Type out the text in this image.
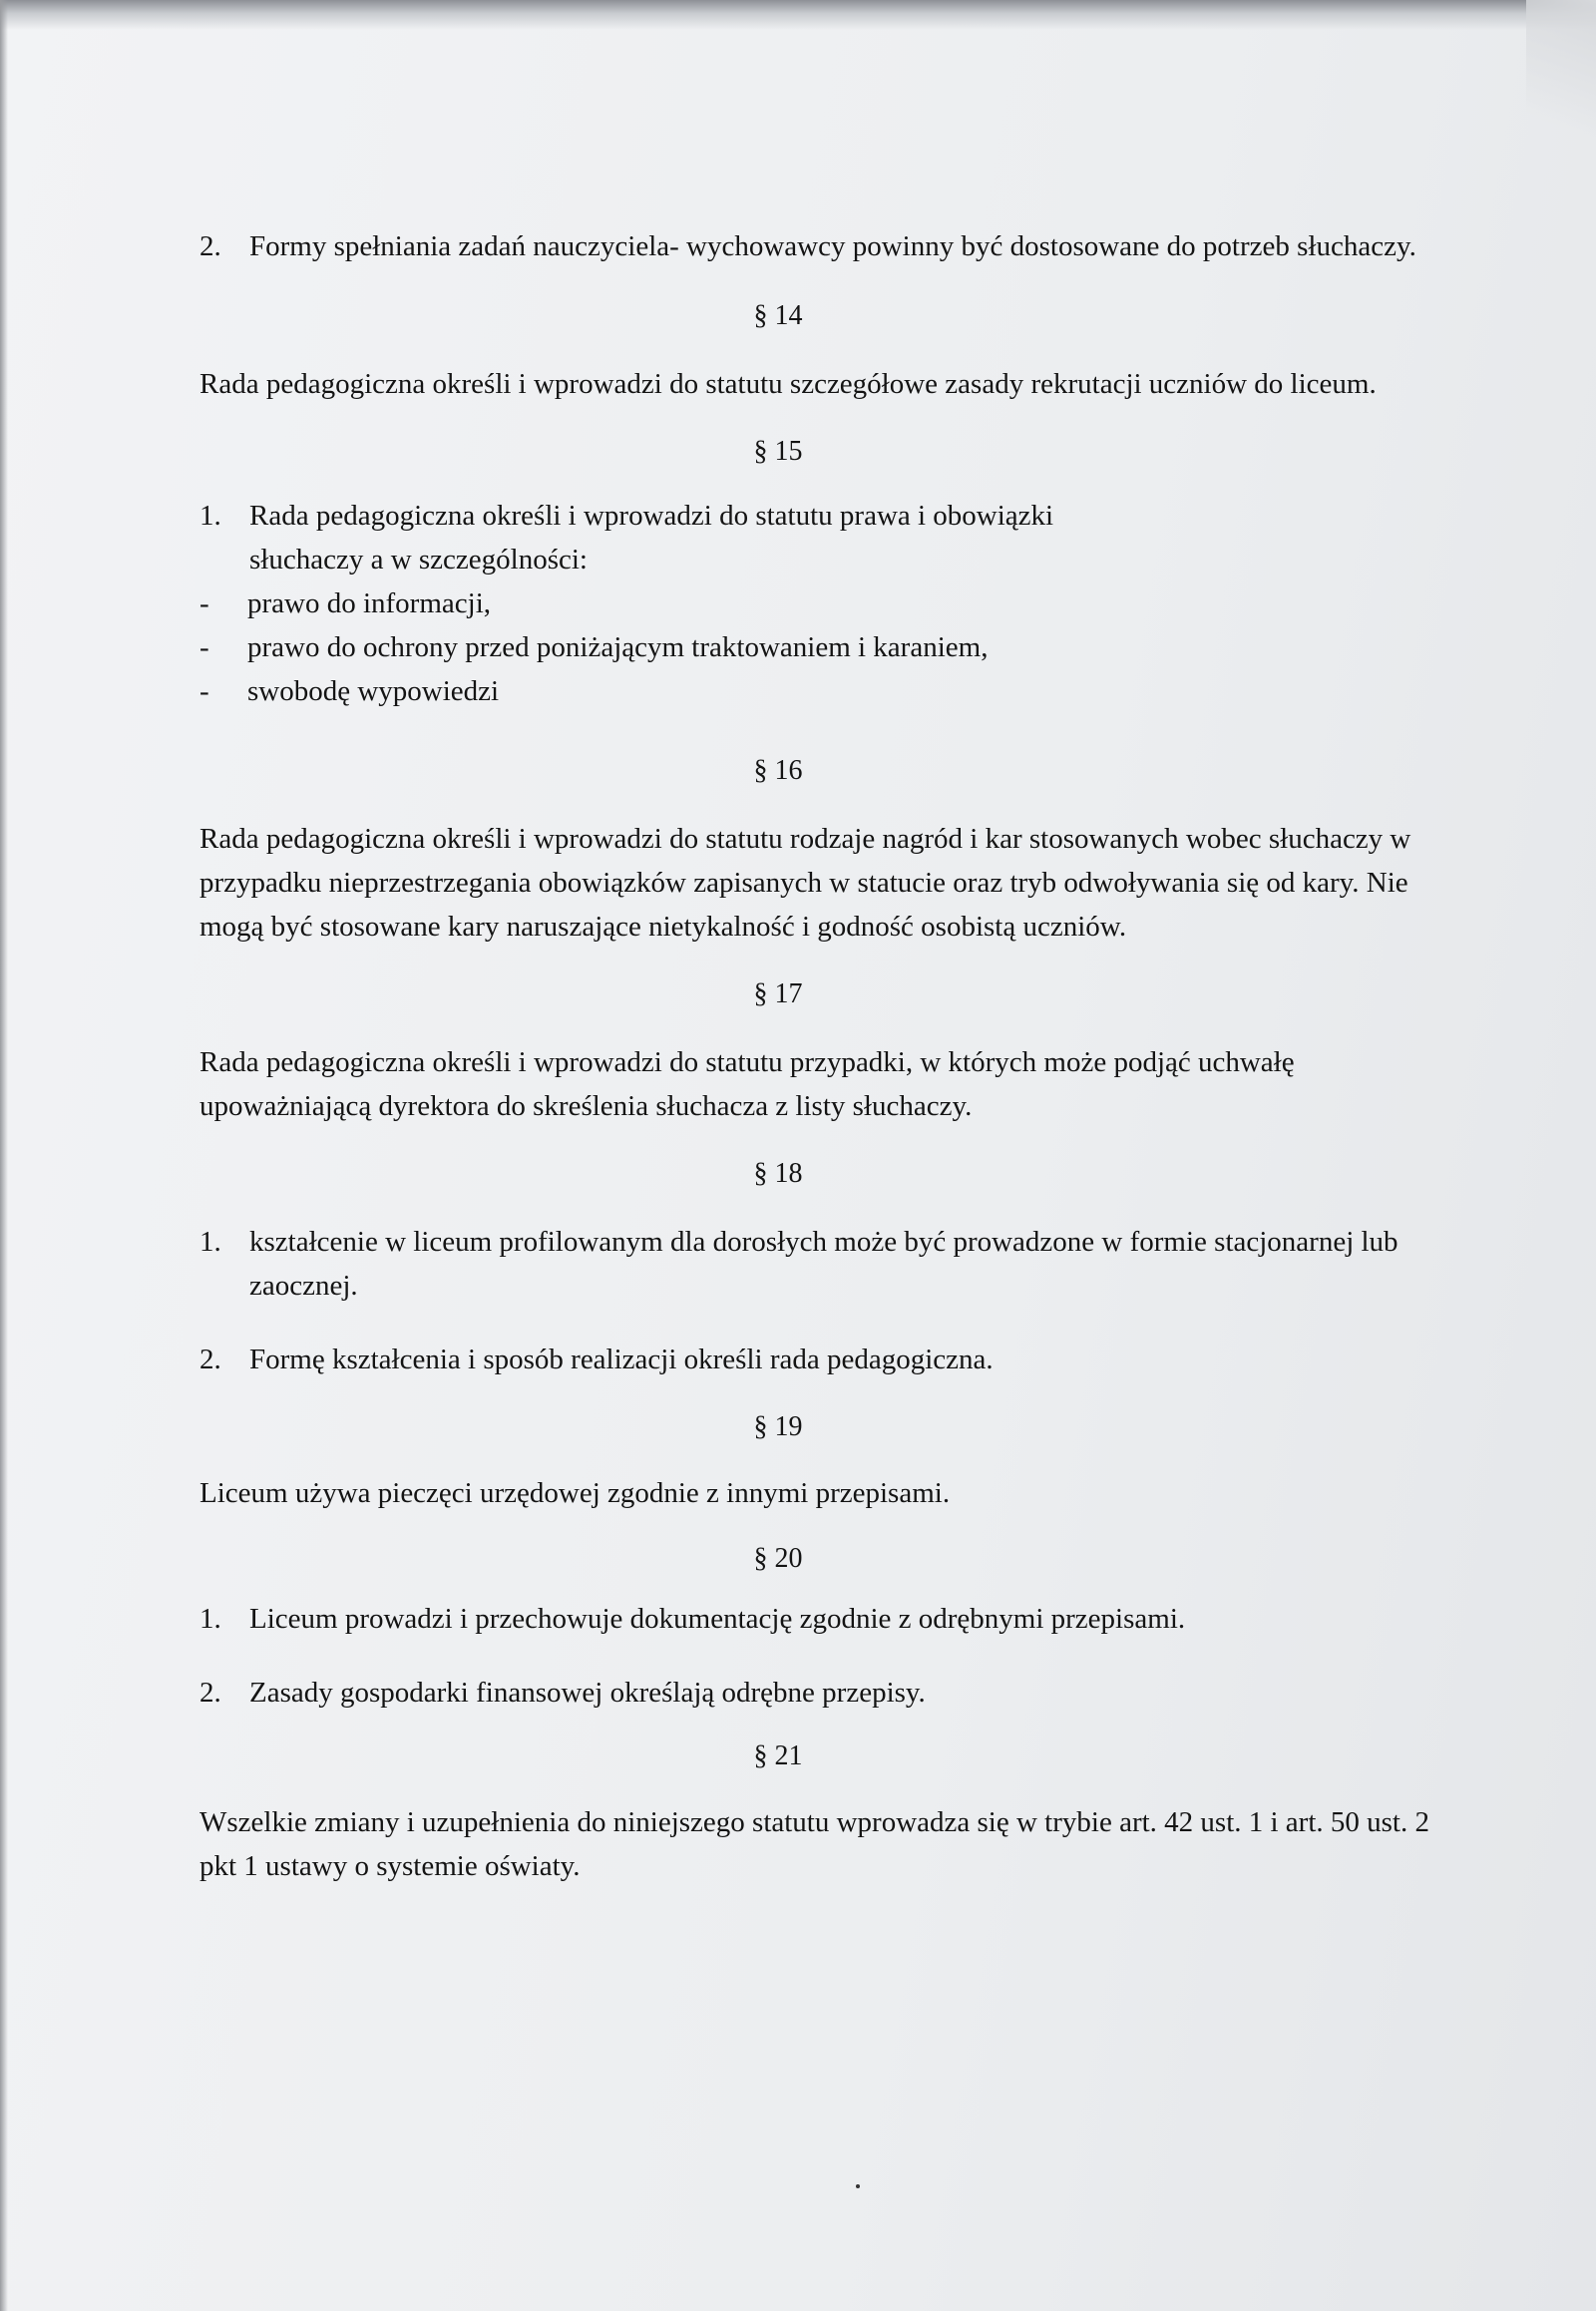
2. Formy spełniania zadań nauczyciela- wychowawcy powinny być dostosowane do potrzeb słuchaczy.

§ 14

Rada pedagogiczna określi i wprowadzi do statutu szczegółowe zasady rekrutacji uczniów do liceum.

§ 15

1. Rada pedagogiczna określi i wprowadzi do statutu prawa i obowiązki słuchaczy a w szczególności:
-	prawo do informacji,
-	prawo do ochrony przed poniżającym traktowaniem i karaniem,
-	swobodę wypowiedzi

§ 16

Rada pedagogiczna określi i wprowadzi do statutu rodzaje nagród i kar stosowanych wobec słuchaczy w przypadku nieprzestrzegania obowiązków zapisanych w statucie oraz tryb odwoływania się od kary. Nie mogą być stosowane kary naruszające nietykalność i godność osobistą uczniów.

§ 17

Rada pedagogiczna określi i wprowadzi do statutu przypadki, w których może podjąć uchwałę upoważniającą dyrektora do skreślenia słuchacza z listy słuchaczy.

§ 18

1. kształcenie w liceum profilowanym dla dorosłych może być prowadzone w formie stacjonarnej lub zaocznej.
2. Formę kształcenia i sposób realizacji określi rada pedagogiczna.

§ 19

Liceum używa pieczęci urzędowej zgodnie z innymi przepisami.

§ 20

1. Liceum prowadzi i przechowuje dokumentację zgodnie z odrębnymi przepisami.
2. Zasady gospodarki finansowej określają odrębne przepisy.

§ 21

Wszelkie zmiany i uzupełnienia do niniejszego statutu wprowadza się w trybie art. 42 ust. 1 i art. 50 ust. 2 pkt 1 ustawy o systemie oświaty.
